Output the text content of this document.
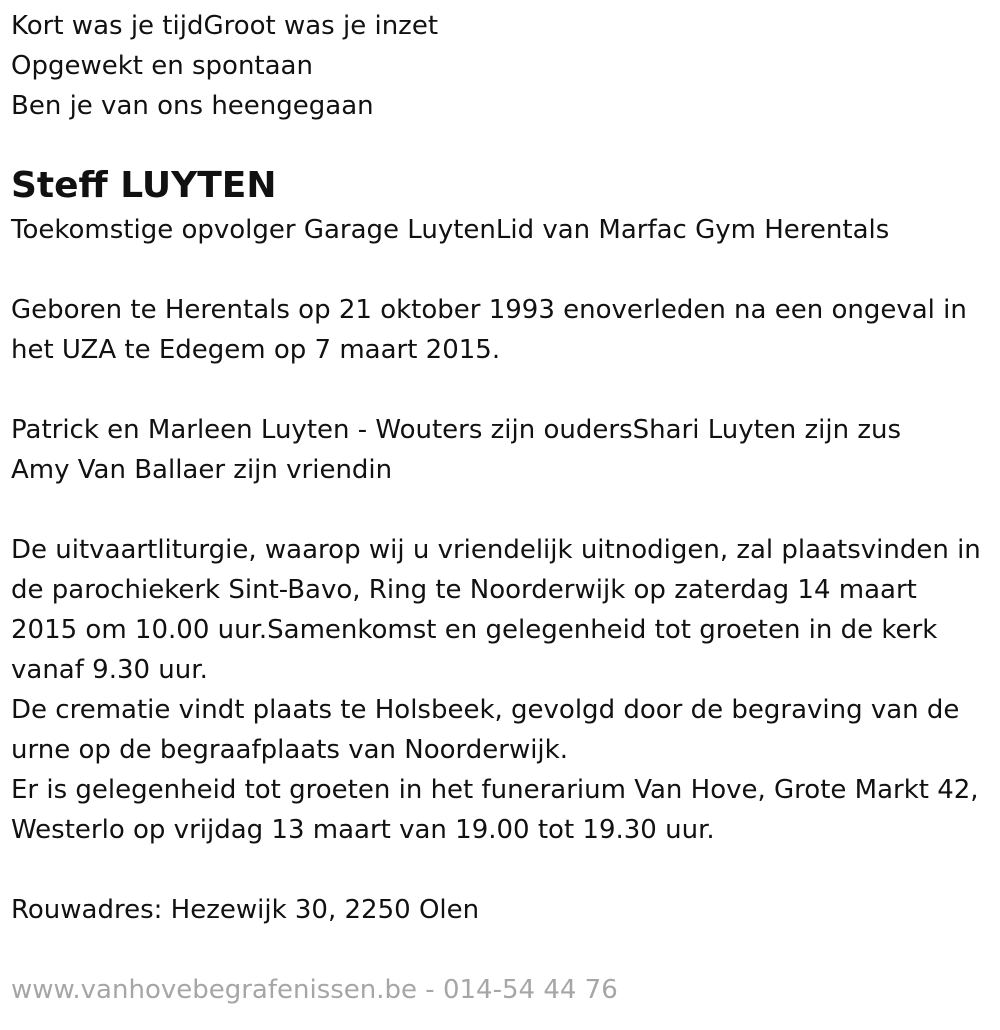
Kort was je tijdGroot was je inzet

Opgewekt en spontaan

Ben je van ons heengegaan

Steff LUYTEN

Toekomstige opvolger Garage LuytenLid van Marfac Gym Herentals

Geboren te Herentals op 21 oktober 1993 enoverleden na een ongeval in het UZA te Edegem op 7 maart 2015.

Patrick en Marleen Luyten - Wouters zijn oudersShari Luyten zijn zus

Amy Van Ballaer zijn vriendin

De uitvaartliturgie, waarop wij u vriendelijk uitnodigen, zal plaatsvinden in de parochiekerk Sint-Bavo, Ring te Noorderwijk op zaterdag 14 maart 2015 om 10.00 uur.Samenkomst en gelegenheid tot groeten in de kerk vanaf 9.30 uur.

De crematie vindt plaats te Holsbeek, gevolgd door de begraving van de urne op de begraafplaats van Noorderwijk.

Er is gelegenheid tot groeten in het funerarium Van Hove, Grote Markt 42, Westerlo op vrijdag 13 maart van 19.00 tot 19.30 uur.

Rouwadres: Hezewijk 30, 2250 Olen

www.vanhovebegrafenissen.be - 014-54 44 76
